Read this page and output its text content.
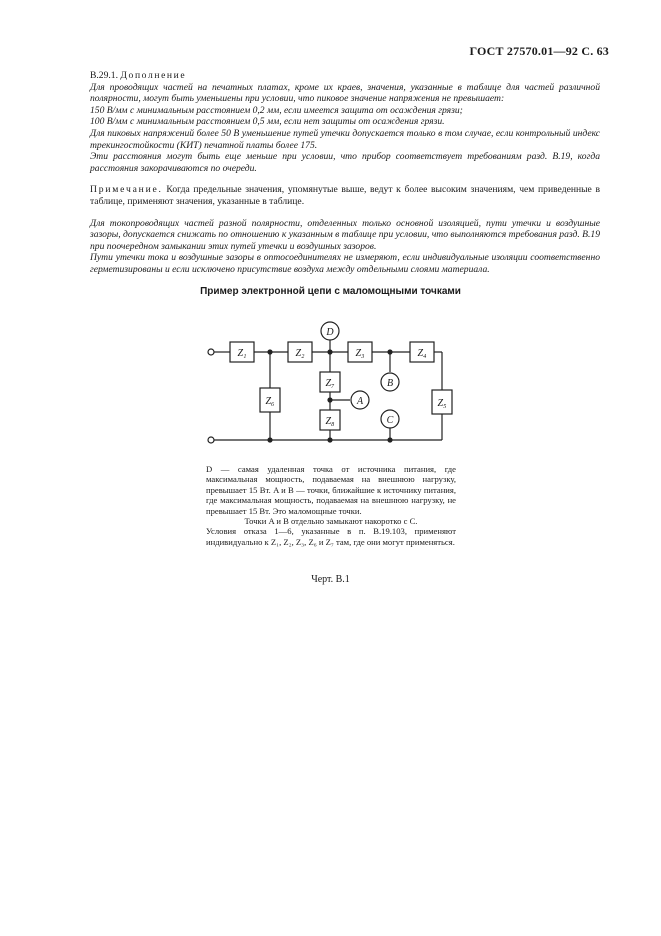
ГОСТ 27570.01—92 С. 63

В.29.1. Дополнение

Для проводящих частей на печатных платах, кроме их краев, значения, указанные в таблице для частей различной полярности, могут быть уменьшены при условии, что пиковое значение напряжения не превышает:

150 В/мм с минимальным расстоянием 0,2 мм, если имеется защита от осаждения грязи;

100 В/мм с минимальным расстоянием 0,5 мм, если нет защиты от осаждения грязи.

Для пиковых напряжений более 50 В уменьшение путей утечки допускается только в том случае, если контрольный индекс трекингостойкости (КИТ) печатной платы более 175.

Эти расстояния могут быть еще меньше при условии, что прибор соответствует требованиям разд. В.19, когда расстояния закорачиваются по очереди.

Примечание. Когда предельные значения, упомянутые выше, ведут к более высоким значениям, чем приведенные в таблице, применяют значения, указанные в таблице.

Для токопроводящих частей разной полярности, отделенных только основной изоляцией, пути утечки и воздушные зазоры, допускается снижать по отношению к указанным в таблице при условии, что выполняются требования разд. В.19 при поочередном замыкании этих путей утечки и воздушных зазоров.

Пути утечки тока и воздушные зазоры в оптосоединителях не измеряют, если индивидуальные изоляции соответственно герметизированы и если исключено присутствие воздуха между отдельными слоями материала.

Пример электронной цепи с маломощными точками
Z₁	Z₂	Z₃	Z₄
Z₅
Z₆
Z₇
Z₈
D
A
B
C

D — самая удаленная точка от источника питания, где максимальная мощность, подаваемая на внешнюю нагрузку, превышает 15 Вт. A и B — точки, ближайшие к источнику питания, где максимальная мощность, подаваемая на внешнюю нагрузку, не превышает 15 Вт. Это маломощные точки.

Точки A и B отдельно замыкают накоротко с C.

Условия отказа 1—6, указанные в п. В.19.103, применяют индивидуально к Z₁, Z₂, Z₃, Z₆ и Z₇ там, где они могут применяться.

Черт. В.1
